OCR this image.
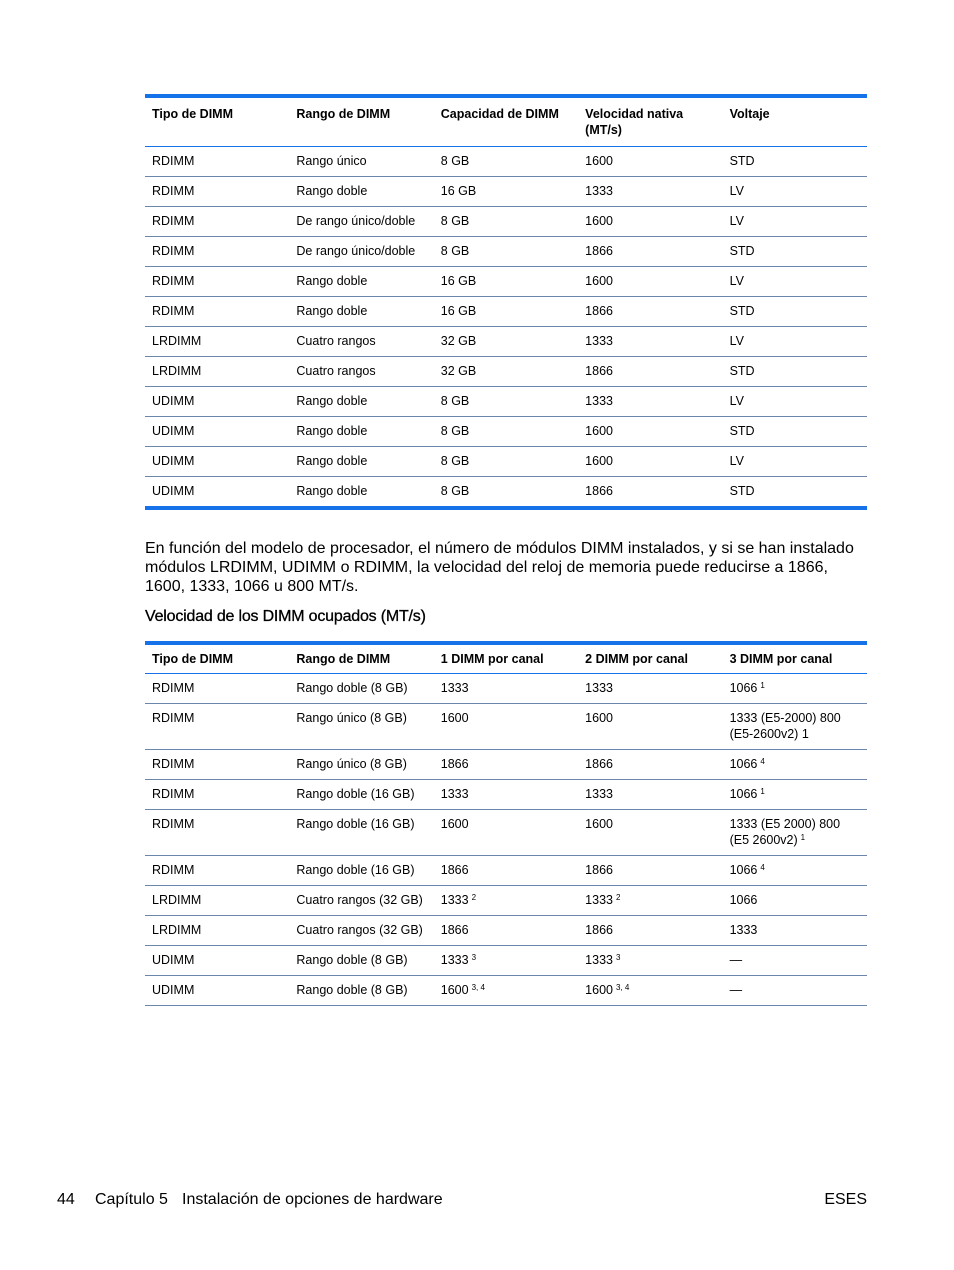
Tipo de DIMM	Rango de DIMM	Capacidad de DIMM	Velocidad nativa (MT/s)	Voltaje
RDIMM	Rango único	8 GB	1600	STD
RDIMM	Rango doble	16 GB	1333	LV
RDIMM	De rango único/doble	8 GB	1600	LV
RDIMM	De rango único/doble	8 GB	1866	STD
RDIMM	Rango doble	16 GB	1600	LV
RDIMM	Rango doble	16 GB	1866	STD
LRDIMM	Cuatro rangos	32 GB	1333	LV
LRDIMM	Cuatro rangos	32 GB	1866	STD
UDIMM	Rango doble	8 GB	1333	LV
UDIMM	Rango doble	8 GB	1600	STD
UDIMM	Rango doble	8 GB	1600	LV
UDIMM	Rango doble	8 GB	1866	STD

En función del modelo de procesador, el número de módulos DIMM instalados, y si se han instalado módulos LRDIMM, UDIMM o RDIMM, la velocidad del reloj de memoria puede reducirse a 1866, 1600, 1333, 1066 u 800 MT/s.

Velocidad de los DIMM ocupados (MT/s)
Tipo de DIMM	Rango de DIMM	1 DIMM por canal	2 DIMM por canal	3 DIMM por canal
RDIMM	Rango doble (8 GB)	1333	1333	1066 $^1$
RDIMM	Rango único (8 GB)	1600	1600	1333 (E5-2000) 800 (E5-2600v2) 1
RDIMM	Rango único (8 GB)	1866	1866	1066 $^4$
RDIMM	Rango doble (16 GB)	1333	1333	1066 $^1$
RDIMM	Rango doble (16 GB)	1600	1600	1333 (E5 2000) 800 (E5 2600v2) $^1$
RDIMM	Rango doble (16 GB)	1866	1866	1066 $^4$
LRDIMM	Cuatro rangos (32 GB)	1333 $^2$	1333 $^2$	1066
LRDIMM	Cuatro rangos (32 GB)	1866	1866	1333
UDIMM	Rango doble (8 GB)	1333 $^3$	1333 $^3$	—
UDIMM	Rango doble (8 GB)	1600 $^{3, 4}$	1600 $^{3, 4}$	—
44 Capítulo 5 Instalación de opciones de hardware	ESES
